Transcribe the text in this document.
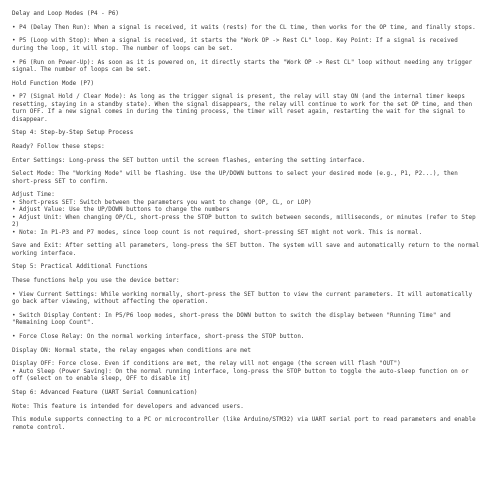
Delay and Loop Modes (P4 - P6)
• P4 (Delay Then Run): When a signal is received, it waits (rests) for the CL time, then works for the OP time, and finally stops.
• P5 (Loop with Stop): When a signal is received, it starts the "Work OP -> Rest CL" loop. Key Point: If a signal is received during the loop, it will stop. The number of loops can be set.
• P6 (Run on Power-Up): As soon as it is powered on, it directly starts the "Work OP -> Rest CL" loop without needing any trigger signal. The number of loops can be set.
Hold Function Mode (P7)
• P7 (Signal Hold / Clear Mode): As long as the trigger signal is present, the relay will stay ON (and the internal timer keeps resetting, staying in a standby state). When the signal disappears, the relay will continue to work for the set OP time, and then turn OFF. If a new signal comes in during the timing process, the timer will reset again, restarting the wait for the signal to disappear.
Step 4: Step-by-Step Setup Process
Ready? Follow these steps:
Enter Settings: Long-press the SET button until the screen flashes, entering the setting interface.
Select Mode: The "Working Mode" will be flashing. Use the UP/DOWN buttons to select your desired mode (e.g., P1, P2...), then short-press SET to confirm.
Adjust Time:
• Short-press SET: Switch between the parameters you want to change (OP, CL, or LOP)
• Adjust Value: Use the UP/DOWN buttons to change the numbers
• Adjust Unit: When changing OP/CL, short-press the STOP button to switch between seconds, milliseconds, or minutes (refer to Step 2)
• Note: In P1-P3 and P7 modes, since loop count is not required, short-pressing SET might not work. This is normal.
Save and Exit: After setting all parameters, long-press the SET button. The system will save and automatically return to the normal working interface.
Step 5: Practical Additional Functions
These functions help you use the device better:
• View Current Settings: While working normally, short-press the SET button to view the current parameters. It will automatically go back after viewing, without affecting the operation.
• Switch Display Content: In P5/P6 loop modes, short-press the DOWN button to switch the display between "Running Time" and "Remaining Loop Count".
• Force Close Relay: On the normal working interface, short-press the STOP button.
Display ON: Normal state, the relay engages when conditions are met
Display OFF: Force close. Even if conditions are met, the relay will not engage (the screen will flash "OUT")
• Auto Sleep (Power Saving): On the normal running interface, long-press the STOP button to toggle the auto-sleep function on or off (select on to enable sleep, OFF to disable it)
Step 6: Advanced Feature (UART Serial Communication)
Note: This feature is intended for developers and advanced users.
This module supports connecting to a PC or microcontroller (like Arduino/STM32) via UART serial port to read parameters and enable remote control.
